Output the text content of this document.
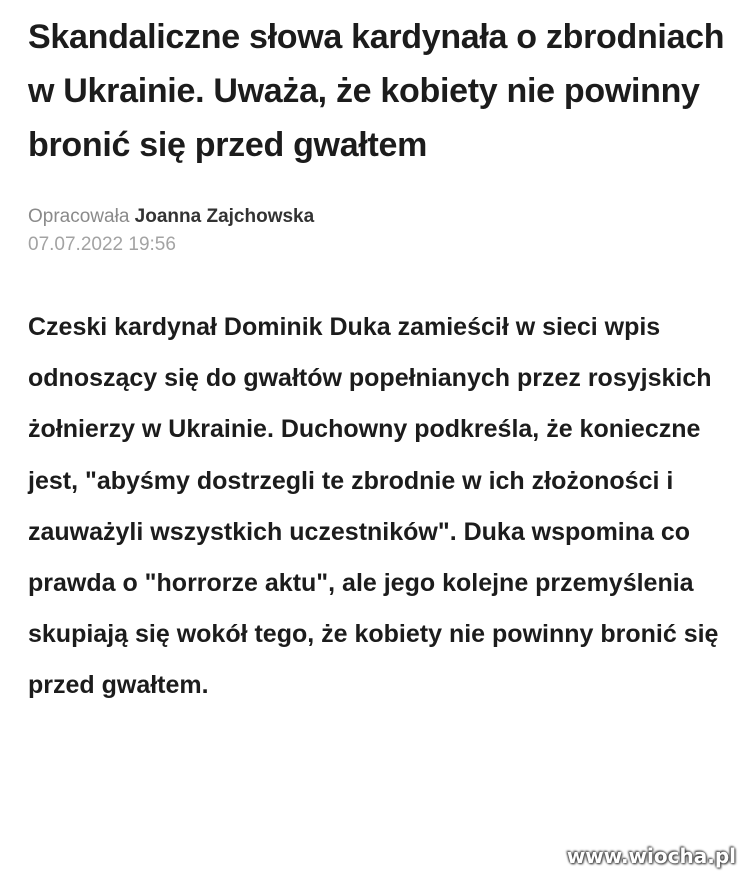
Skandaliczne słowa kardynała o zbrodniach w Ukrainie. Uważa, że kobiety nie powinny bronić się przed gwałtem
Opracowała Joanna Zajchowska
07.07.2022 19:56
Czeski kardynał Dominik Duka zamieścił w sieci wpis odnoszący się do gwałtów popełnianych przez rosyjskich żołnierzy w Ukrainie. Duchowny podkreśla, że konieczne jest, "abyśmy dostrzegli te zbrodnie w ich złożoności i zauważyli wszystkich uczestników". Duka wspomina co prawda o "horrorze aktu", ale jego kolejne przemyślenia skupiają się wokół tego, że kobiety nie powinny bronić się przed gwałtem.
www.wiocha.pl
